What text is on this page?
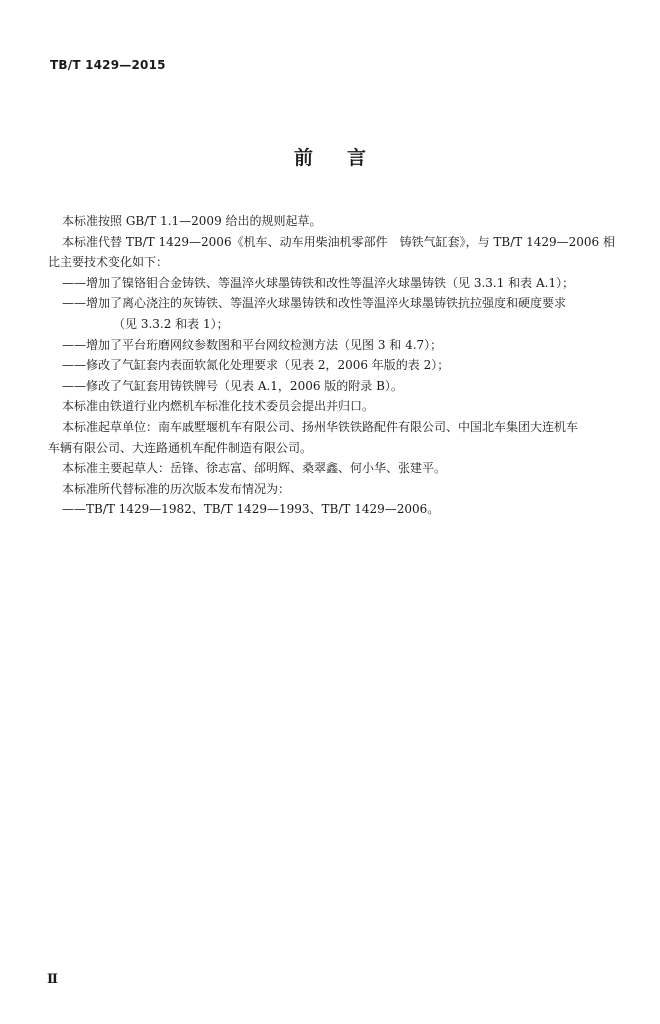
TB/T 1429—2015
前言

本标准按照 GB/T 1.1—2009 给出的规则起草。

本标准代替 TB/T 1429—2006《机车、动车用柴油机零部件　铸铁气缸套》，与 TB/T 1429—2006 相

比主要技术变化如下：

——增加了镍铬钼合金铸铁、等温淬火球墨铸铁和改性等温淬火球墨铸铁（见 3.3.1 和表 A.1）；

——增加了离心浇注的灰铸铁、等温淬火球墨铸铁和改性等温淬火球墨铸铁抗拉强度和硬度要求

（见 3.3.2 和表 1）；

——增加了平台珩磨网纹参数图和平台网纹检测方法（见图 3 和 4.7）；

——修改了气缸套内表面软氮化处理要求（见表 2，2006 年版的表 2）；

——修改了气缸套用铸铁牌号（见表 A.1，2006 版的附录 B）。

本标准由铁道行业内燃机车标准化技术委员会提出并归口。

本标准起草单位：南车戚墅堰机车有限公司、扬州华铁铁路配件有限公司、中国北车集团大连机车

车辆有限公司、大连路通机车配件制造有限公司。

本标准主要起草人：岳锋、徐志富、邰明辉、桑翠鑫、何小华、张建平。

本标准所代替标准的历次版本发布情况为：

——TB/T 1429—1982、TB/T 1429—1993、TB/T 1429—2006。

Ⅱ
